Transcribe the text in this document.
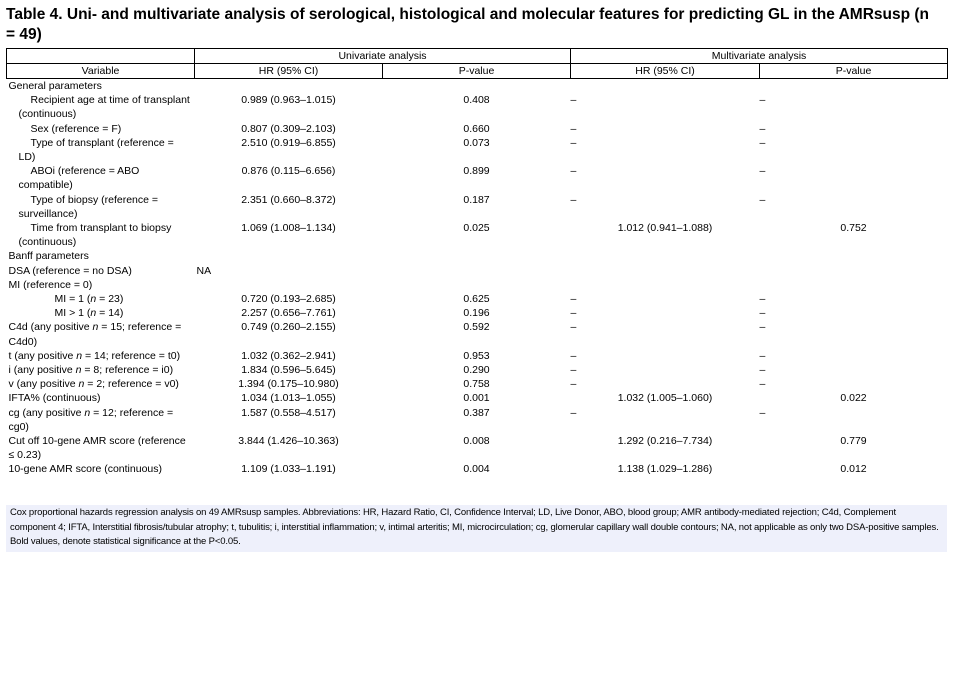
Table 4. Uni- and multivariate analysis of serological, histological and molecular features for predicting GL in the AMRsusp (n = 49)
	Univariate analysis		Multivariate analysis	
Variable	HR (95% CI)	P-value	HR (95% CI)	P-value
General parameters				
Recipient age at time of transplant (continuous)	0.989 (0.963–1.015)	0.408	–	–
Sex (reference = F)	0.807 (0.309–2.103)	0.660	–	–
Type of transplant (reference = LD)	2.510 (0.919–6.855)	0.073	–	–
ABOi (reference = ABO compatible)	0.876 (0.115–6.656)	0.899	–	–
Type of biopsy (reference = surveillance)	2.351 (0.660–8.372)	0.187	–	–
Time from transplant to biopsy (continuous)	1.069 (1.008–1.134)	0.025	1.012 (0.941–1.088)	0.752
Banff parameters				
DSA (reference = no DSA)	NA			
MI (reference = 0)				
MI = 1 (n = 23)	0.720 (0.193–2.685)	0.625	–	–
MI > 1 (n = 14)	2.257 (0.656–7.761)	0.196	–	–
C4d (any positive n = 15; reference = C4d0)	0.749 (0.260–2.155)	0.592	–	–
t (any positive n = 14; reference = t0)	1.032 (0.362–2.941)	0.953	–	–
i (any positive n = 8; reference = i0)	1.834 (0.596–5.645)	0.290	–	–
v (any positive n = 2; reference = v0)	1.394 (0.175–10.980)	0.758	–	–
IFTA% (continuous)	1.034 (1.013–1.055)	0.001	1.032 (1.005–1.060)	0.022
cg (any positive n = 12; reference = cg0)	1.587 (0.558–4.517)	0.387	–	–
Cut off 10-gene AMR score (reference ≤ 0.23)	3.844 (1.426–10.363)	0.008	1.292 (0.216–7.734)	0.779
10-gene AMR score (continuous)	1.109 (1.033–1.191)	0.004	1.138 (1.029–1.286)	0.012
Cox proportional hazards regression analysis on 49 AMRsusp samples. Abbreviations: HR, Hazard Ratio, CI, Confidence Interval; LD, Live Donor, ABO, blood group; AMR antibody-mediated rejection; C4d, Complement component 4; IFTA, Interstitial fibrosis/tubular atrophy; t, tubulitis; i, interstitial inflammation; v, intimal arteritis; MI, microcirculation; cg, glomerular capillary wall double contours; NA, not applicable as only two DSA-positive samples. Bold values, denote statistical significance at the P<0.05.
